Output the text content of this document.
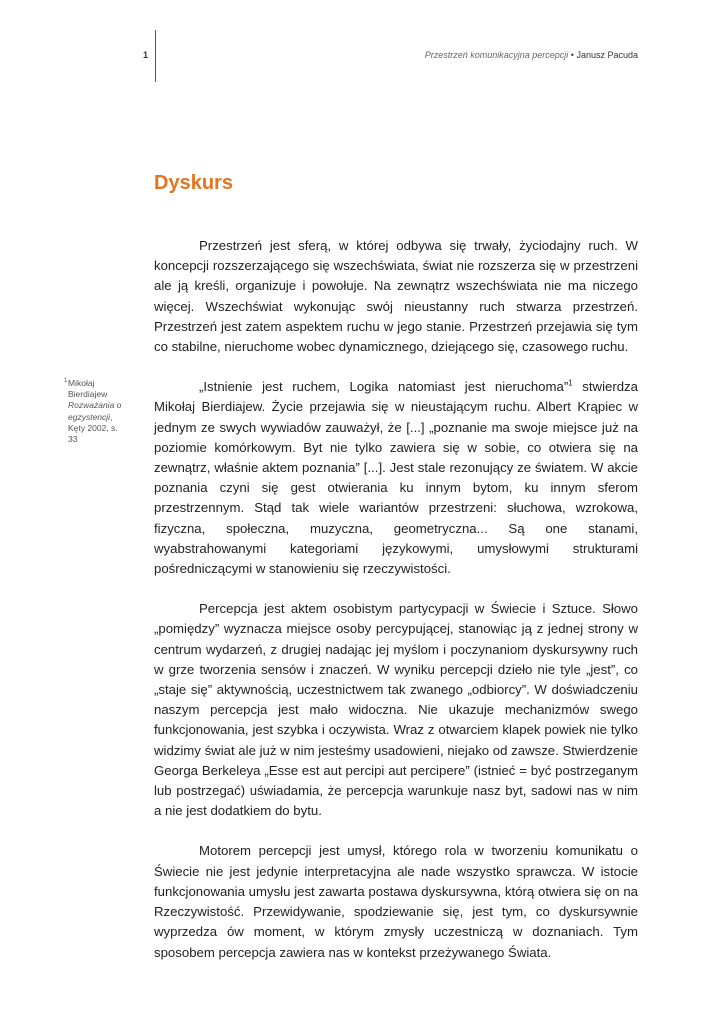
1	Przestrzeń komunikacyjna percepcji • Janusz Pacuda
Dyskurs
1 Mikołaj Bierdiajew
Rozważania o egzystencji, Kęty 2002, s. 33

Przestrzeń jest sferą, w której odbywa się trwały, życiodajny ruch. W koncepcji rozszerzającego się wszechświata, świat nie rozszerza się w przestrzeni ale ją kreśli, organizuje i powołuje. Na zewnątrz wszechświata nie ma niczego więcej. Wszechświat wykonując swój nieustanny ruch stwarza przestrzeń. Przestrzeń jest zatem aspektem ruchu w jego stanie. Przestrzeń przejawia się tym co stabilne, nieruchome wobec dynamicznego, dziejącego się, czasowego ruchu.

„Istnienie jest ruchem, Logika natomiast jest nieruchoma”$^1$ stwierdza Mikołaj Bierdiajew. Życie przejawia się w nieustającym ruchu. Albert Krąpiec w jednym ze swych wywiadów zauważył, że [...] „poznanie ma swoje miejsce już na poziomie komórkowym. Byt nie tylko zawiera się w sobie, co otwiera się na zewnątrz, właśnie aktem poznania” [...]. Jest stale rezonujący ze światem. W akcie poznania czyni się gest otwierania ku innym bytom, ku innym sferom przestrzennym. Stąd tak wiele wariantów przestrzeni: słuchowa, wzrokowa, fizyczna, społeczna, muzyczna, geometryczna... Są one stanami, wyabstrahowanymi kategoriami językowymi, umysłowymi strukturami pośredniczącymi w stanowieniu się rzeczywistości.

Percepcja jest aktem osobistym partycypacji w Świecie i Sztuce. Słowo „pomiędzy” wyznacza miejsce osoby percypującej, stanowiąc ją z jednej strony w centrum wydarzeń, z drugiej nadając jej myślom i poczynaniom dyskursywny ruch w grze tworzenia sensów i znaczeń. W wyniku percepcji dzieło nie tyle „jest”, co „staje się” aktywnością, uczestnictwem tak zwanego „odbiorcy”. W doświadczeniu naszym percepcja jest mało widoczna. Nie ukazuje mechanizmów swego funkcjonowania, jest szybka i oczywista. Wraz z otwarciem klapek powiek nie tylko widzimy świat ale już w nim jesteśmy usadowieni, niejako od zawsze. Stwierdzenie Georga Berkeleya „Esse est aut percipi aut percipere” (istnieć = być postrzeganym lub postrzegać) uświadamia, że percepcja warunkuje nasz byt, sadowi nas w nim a nie jest dodatkiem do bytu.

Motorem percepcji jest umysł, którego rola w tworzeniu komunikatu o Świecie nie jest jedynie interpretacyjna ale nade wszystko sprawcza. W istocie funkcjonowania umysłu jest zawarta postawa dyskursywna, którą otwiera się on na Rzeczywistość. Przewidywanie, spodziewanie się, jest tym, co dyskursywnie wyprzedza ów moment, w którym zmysły uczestniczą w doznaniach. Tym sposobem percepcja zawiera nas w kontekst przeżywanego Świata.
